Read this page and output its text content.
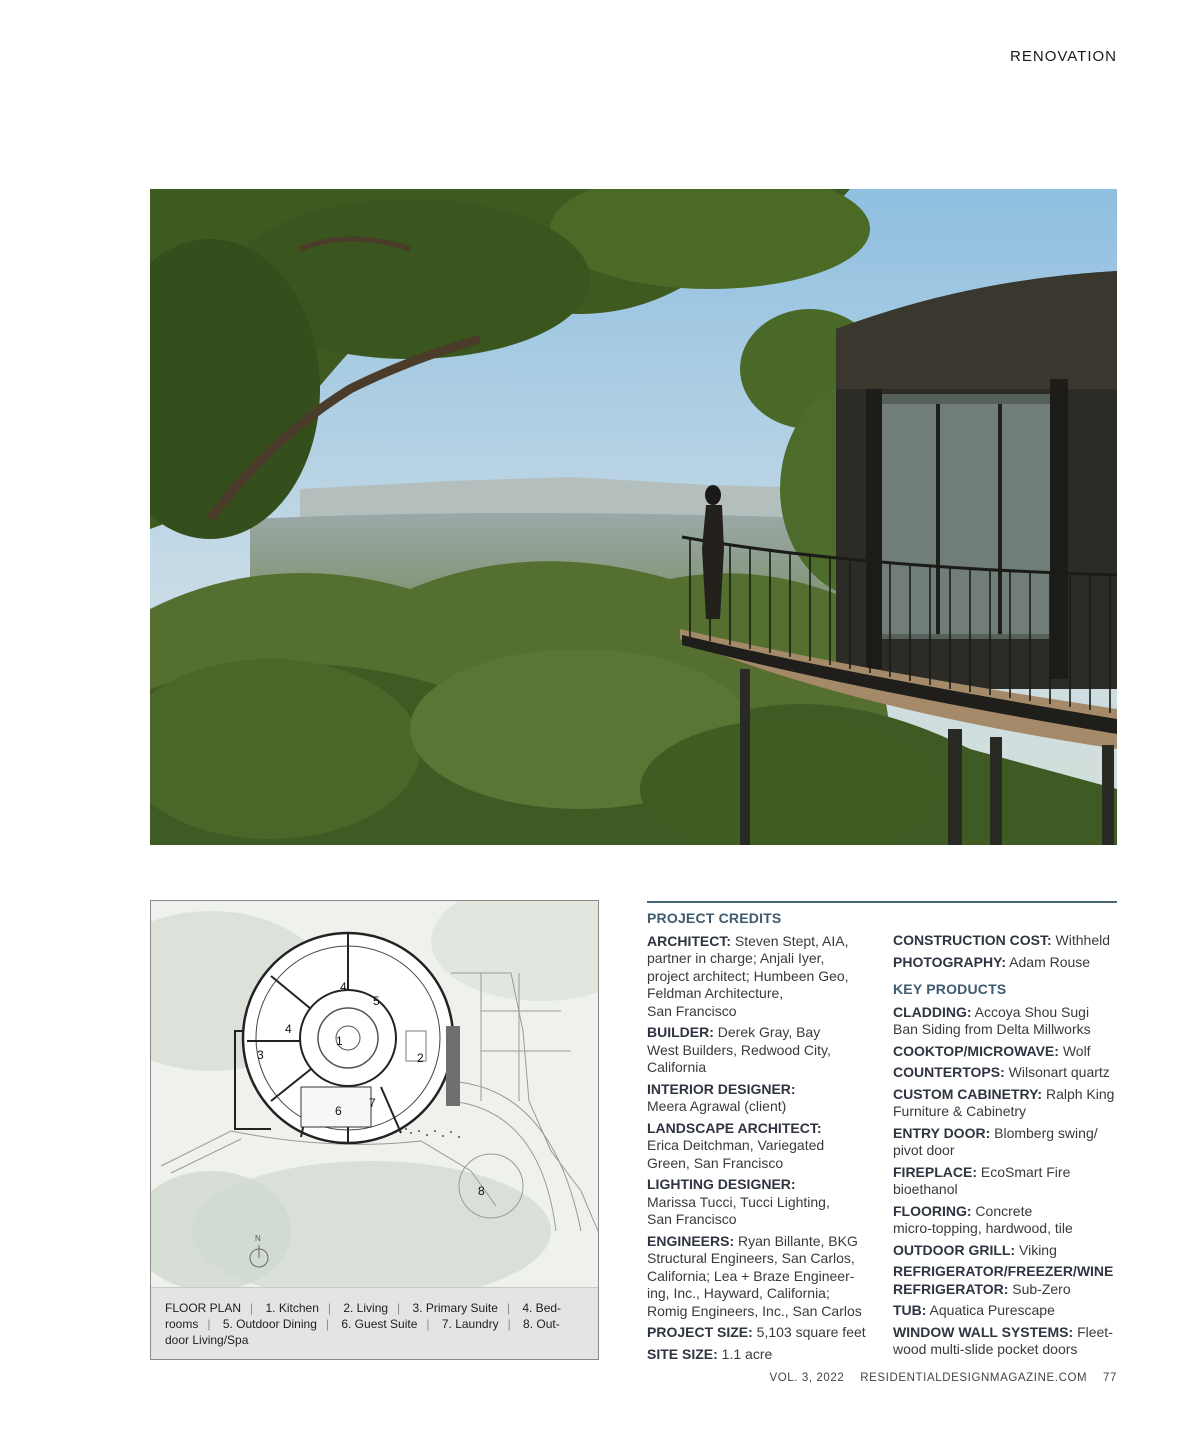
RENOVATION
1
2
3
4
4
5
6
7
8
N
FLOOR PLAN | 1. Kitchen | 2. Living | 3. Primary Suite | 4. Bed-
rooms | 5. Outdoor Dining | 6. Guest Suite | 7. Laundry | 8. Out-
door Living/Spa
PROJECT CREDITS
ARCHITECT: Steven Stept, AIA,
partner in charge; Anjali Iyer,
project architect; Humbeen Geo,
Feldman Architecture,
San Francisco
BUILDER: Derek Gray, Bay
West Builders, Redwood City,
California
INTERIOR DESIGNER:
Meera Agrawal (client)
LANDSCAPE ARCHITECT:
Erica Deitchman, Variegated
Green, San Francisco
LIGHTING DESIGNER:
Marissa Tucci, Tucci Lighting,
San Francisco
ENGINEERS: Ryan Billante, BKG
Structural Engineers, San Carlos,
California; Lea + Braze Engineer-
ing, Inc., Hayward, California;
Romig Engineers, Inc., San Carlos
PROJECT SIZE: 5,103 square feet
SITE SIZE: 1.1 acre
CONSTRUCTION COST: Withheld
PHOTOGRAPHY: Adam Rouse
KEY PRODUCTS
CLADDING: Accoya Shou Sugi
Ban Siding from Delta Millworks
COOKTOP/MICROWAVE: Wolf
COUNTERTOPS: Wilsonart quartz
CUSTOM CABINETRY: Ralph King
Furniture & Cabinetry
ENTRY DOOR: Blomberg swing/
pivot door
FIREPLACE: EcoSmart Fire
bioethanol
FLOORING: Concrete
micro-topping, hardwood, tile
OUTDOOR GRILL: Viking
REFRIGERATOR/FREEZER/WINE REFRIGERATOR: Sub-Zero
TUB: Aquatica Purescape
WINDOW WALL SYSTEMS: Fleet-
wood multi-slide pocket doors
VOL. 3, 2022 RESIDENTIALDESIGNMAGAZINE.COM 77
